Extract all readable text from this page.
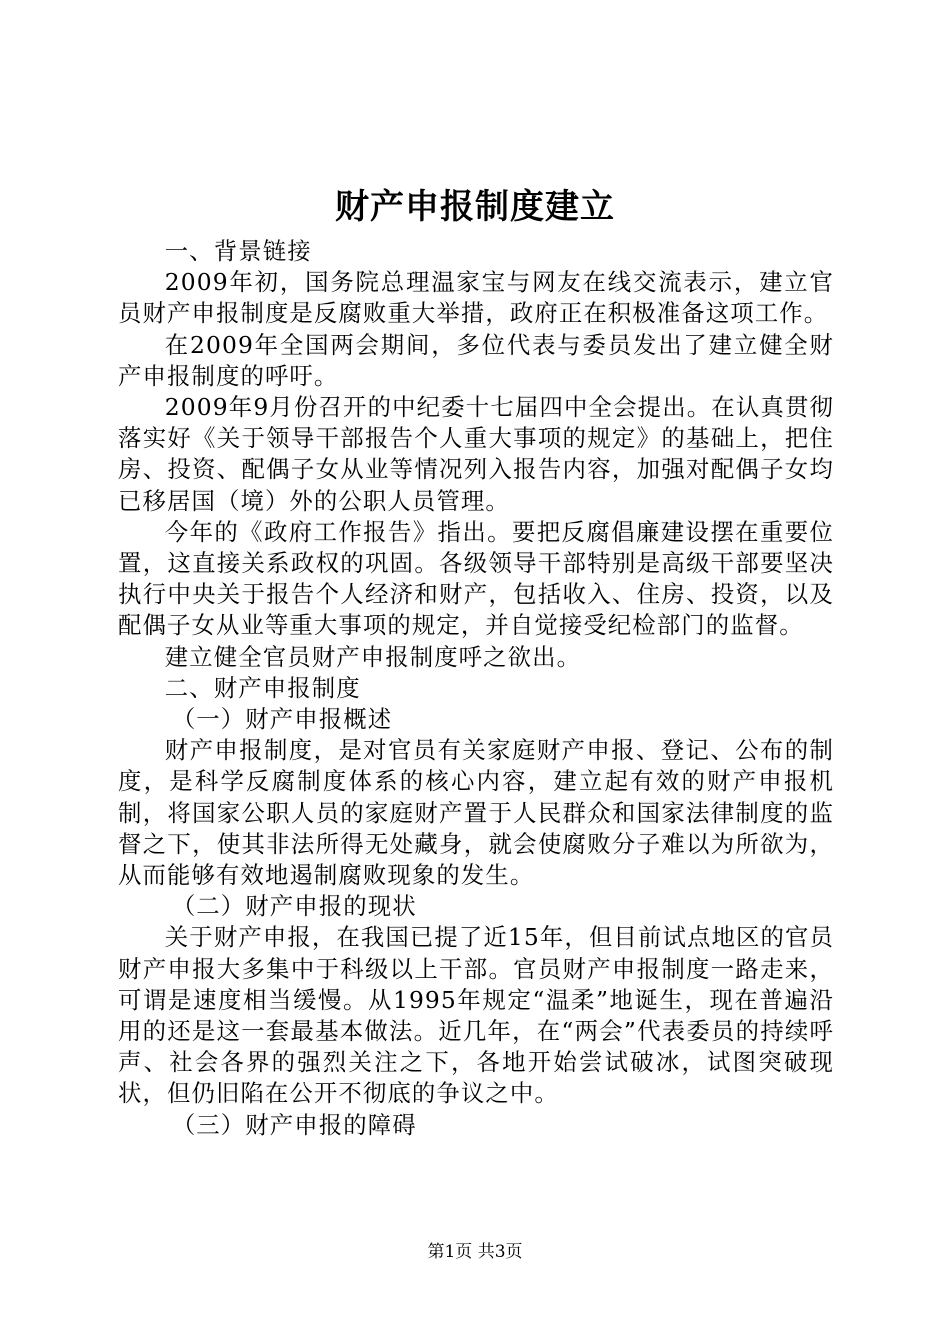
财产申报制度建立

一、背景链接

2009年初，国务院总理温家宝与网友在线交流表示，建立官员财产申报制度是反腐败重大举措，政府正在积极准备这项工作。

在2009年全国两会期间，多位代表与委员发出了建立健全财产申报制度的呼吁。

2009年9月份召开的中纪委十七届四中全会提出。在认真贯彻落实好《关于领导干部报告个人重大事项的规定》的基础上，把住房、投资、配偶子女从业等情况列入报告内容，加强对配偶子女均已移居国（境）外的公职人员管理。

今年的《政府工作报告》指出。要把反腐倡廉建设摆在重要位置，这直接关系政权的巩固。各级领导干部特别是高级干部要坚决执行中央关于报告个人经济和财产，包括收入、住房、投资，以及配偶子女从业等重大事项的规定，并自觉接受纪检部门的监督。

建立健全官员财产申报制度呼之欲出。

二、财产申报制度

（一）财产申报概述

财产申报制度，是对官员有关家庭财产申报、登记、公布的制度，是科学反腐制度体系的核心内容，建立起有效的财产申报机制，将国家公职人员的家庭财产置于人民群众和国家法律制度的监督之下，使其非法所得无处藏身，就会使腐败分子难以为所欲为，从而能够有效地遏制腐败现象的发生。

（二）财产申报的现状

关于财产申报，在我国已提了近15年，但目前试点地区的官员财产申报大多集中于科级以上干部。官员财产申报制度一路走来，可谓是速度相当缓慢。从1995年规定“温柔”地诞生，现在普遍沿用的还是这一套最基本做法。近几年，在“两会”代表委员的持续呼声、社会各界的强烈关注之下，各地开始尝试破冰，试图突破现状，但仍旧陷在公开不彻底的争议之中。

（三）财产申报的障碍

第1页 共3页
